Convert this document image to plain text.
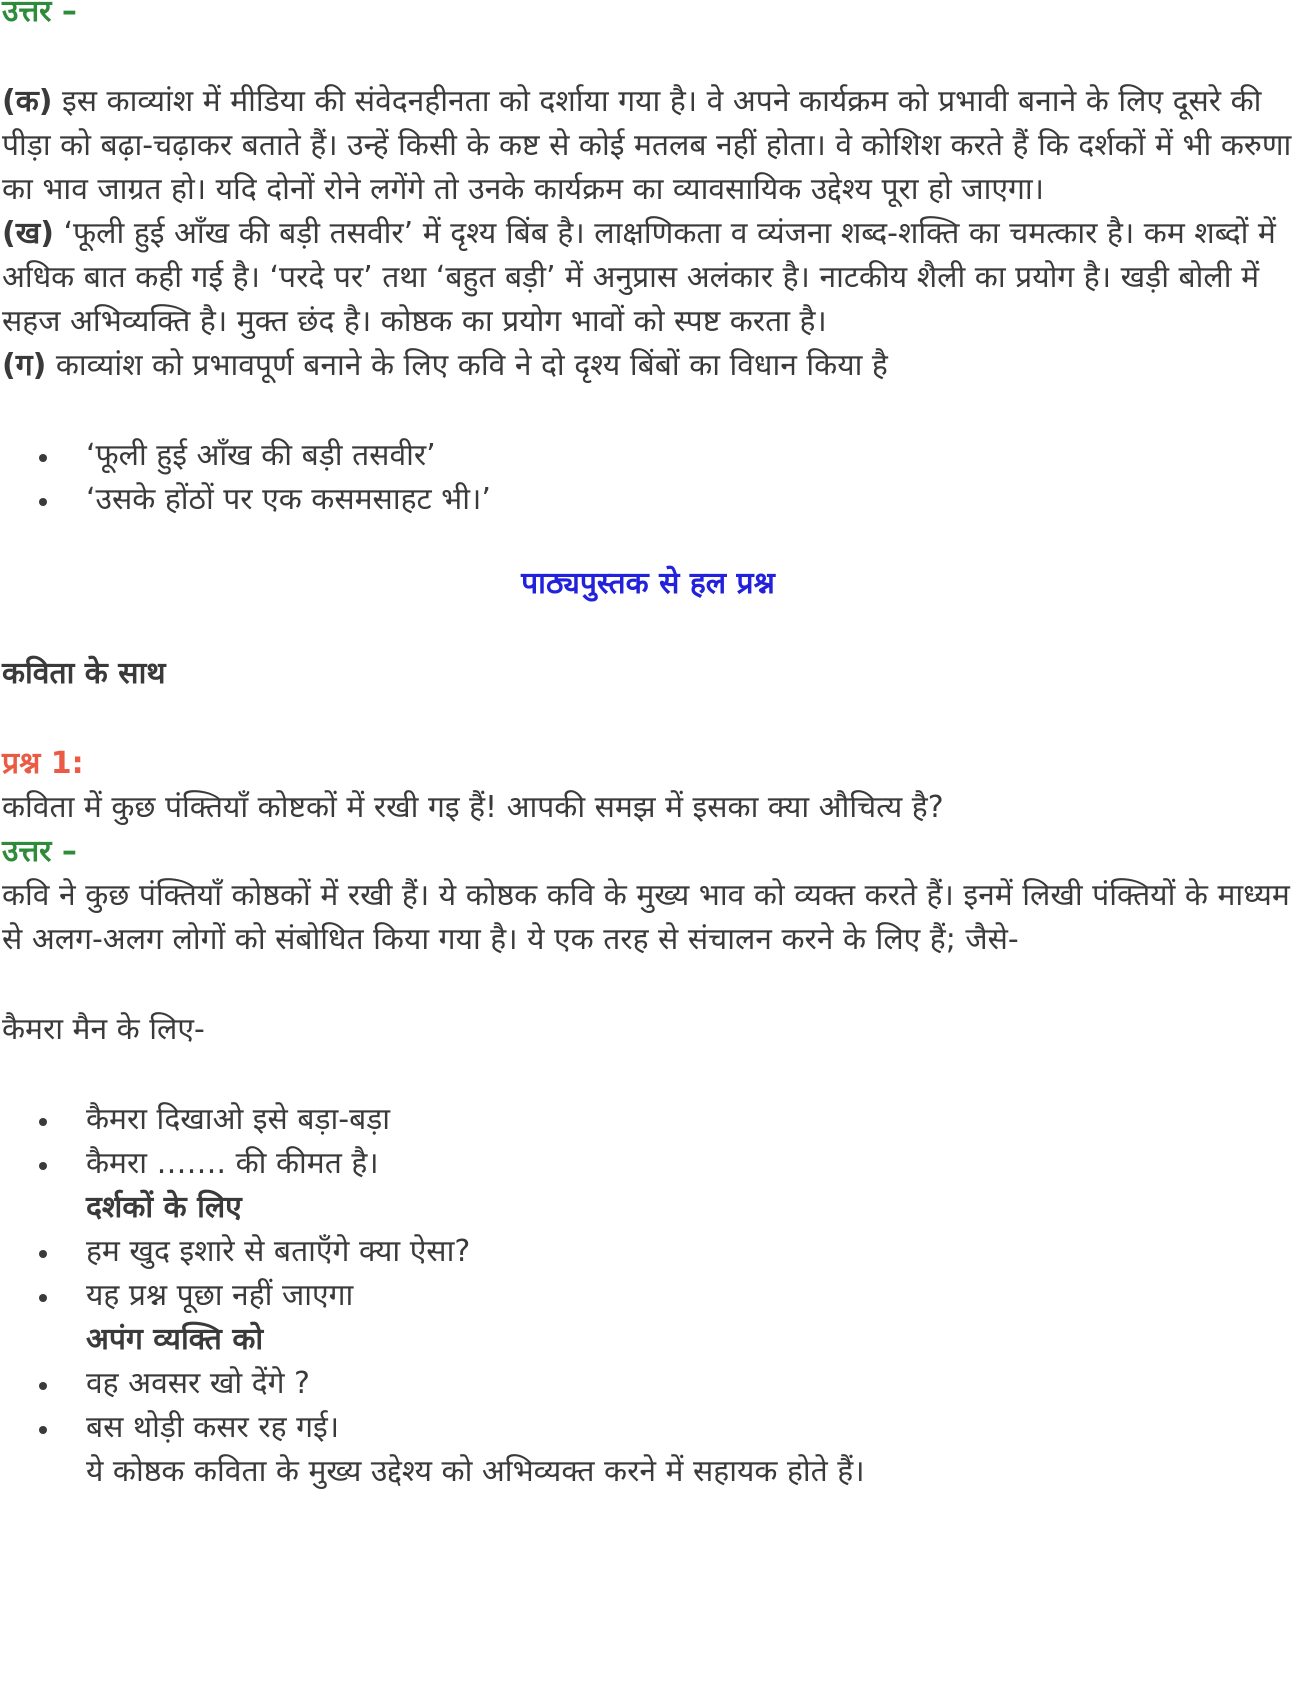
उत्तर –

(क) इस काव्यांश में मीडिया की संवेदनहीनता को दर्शाया गया है। वे अपने कार्यक्रम को प्रभावी बनाने के लिए दूसरे की पीड़ा को बढ़ा-चढ़ाकर बताते हैं। उन्हें किसी के कष्ट से कोई मतलब नहीं होता। वे कोशिश करते हैं कि दर्शकों में भी करुणा का भाव जाग्रत हो। यदि दोनों रोने लगेंगे तो उनके कार्यक्रम का व्यावसायिक उद्देश्य पूरा हो जाएगा।

(ख) ‘फूली हुई आँख की बड़ी तसवीर’ में दृश्य बिंब है। लाक्षणिकता व व्यंजना शब्द-शक्ति का चमत्कार है। कम शब्दों में अधिक बात कही गई है। ‘परदे पर’ तथा ‘बहुत बड़ी’ में अनुप्रास अलंकार है। नाटकीय शैली का प्रयोग है। खड़ी बोली में सहज अभिव्यक्ति है। मुक्त छंद है। कोष्ठक का प्रयोग भावों को स्पष्ट करता है।

(ग) काव्यांश को प्रभावपूर्ण बनाने के लिए कवि ने दो दृश्य बिंबों का विधान किया है

‘फूली हुई आँख की बड़ी तसवीर’
‘उसके होंठों पर एक कसमसाहट भी।’

पाठ्यपुस्तक से हल प्रश्न

कविता के साथ

प्रश्न 1:

कविता में कुछ पंक्तियाँ कोष्टकों में रखी गइ हैं! आपकी समझ में इसका क्या औचित्य है?

उत्तर –

कवि ने कुछ पंक्तियाँ कोष्ठकों में रखी हैं। ये कोष्ठक कवि के मुख्य भाव को व्यक्त करते हैं। इनमें लिखी पंक्तियों के माध्यम से अलग-अलग लोगों को संबोधित किया गया है। ये एक तरह से संचालन करने के लिए हैं; जैसे-

कैमरा मैन के लिए-

कैमरा दिखाओ इसे बड़ा-बड़ा
कैमरा ……. की कीमत है।
दर्शकों के लिए
हम खुद इशारे से बताएँगे क्या ऐसा?
यह प्रश्न पूछा नहीं जाएगा
अपंग व्यक्ति को
वह अवसर खो देंगे ?
बस थोड़ी कसर रह गई।
ये कोष्ठक कविता के मुख्य उद्देश्य को अभिव्यक्त करने में सहायक होते हैं।
